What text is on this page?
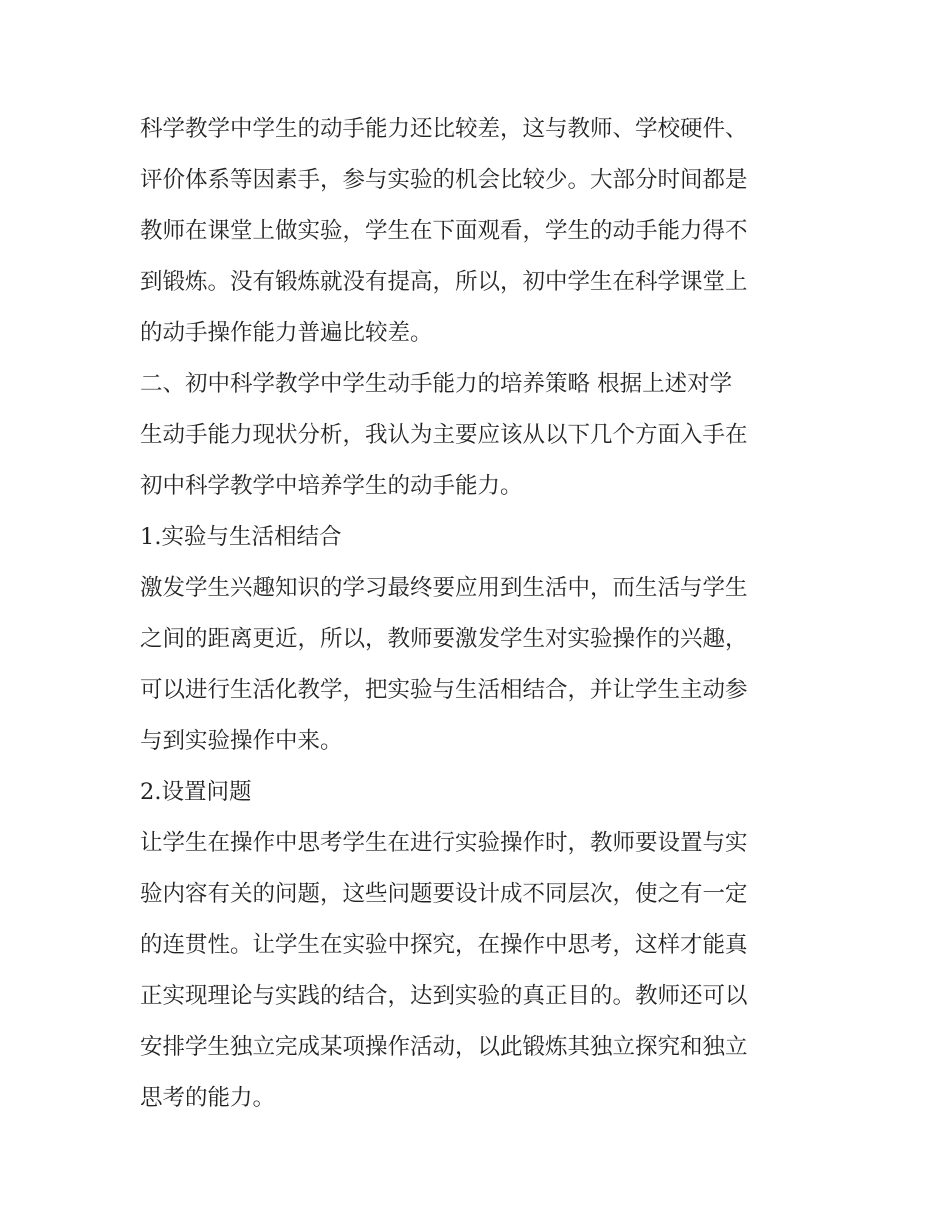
科学教学中学生的动手能力还比较差，这与教师、学校硬件、
评价体系等因素手，参与实验的机会比较少。大部分时间都是
教师在课堂上做实验，学生在下面观看，学生的动手能力得不
到锻炼。没有锻炼就没有提高，所以，初中学生在科学课堂上
的动手操作能力普遍比较差。

二、初中科学教学中学生动手能力的培养策略 根据上述对学
生动手能力现状分析，我认为主要应该从以下几个方面入手在
初中科学教学中培养学生的动手能力。

1.实验与生活相结合

激发学生兴趣知识的学习最终要应用到生活中，而生活与学生
之间的距离更近，所以，教师要激发学生对实验操作的兴趣，
可以进行生活化教学，把实验与生活相结合，并让学生主动参
与到实验操作中来。

2.设置问题

让学生在操作中思考学生在进行实验操作时，教师要设置与实
验内容有关的问题，这些问题要设计成不同层次，使之有一定
的连贯性。让学生在实验中探究，在操作中思考，这样才能真
正实现理论与实践的结合，达到实验的真正目的。教师还可以
安排学生独立完成某项操作活动，以此锻炼其独立探究和独立
思考的能力。
